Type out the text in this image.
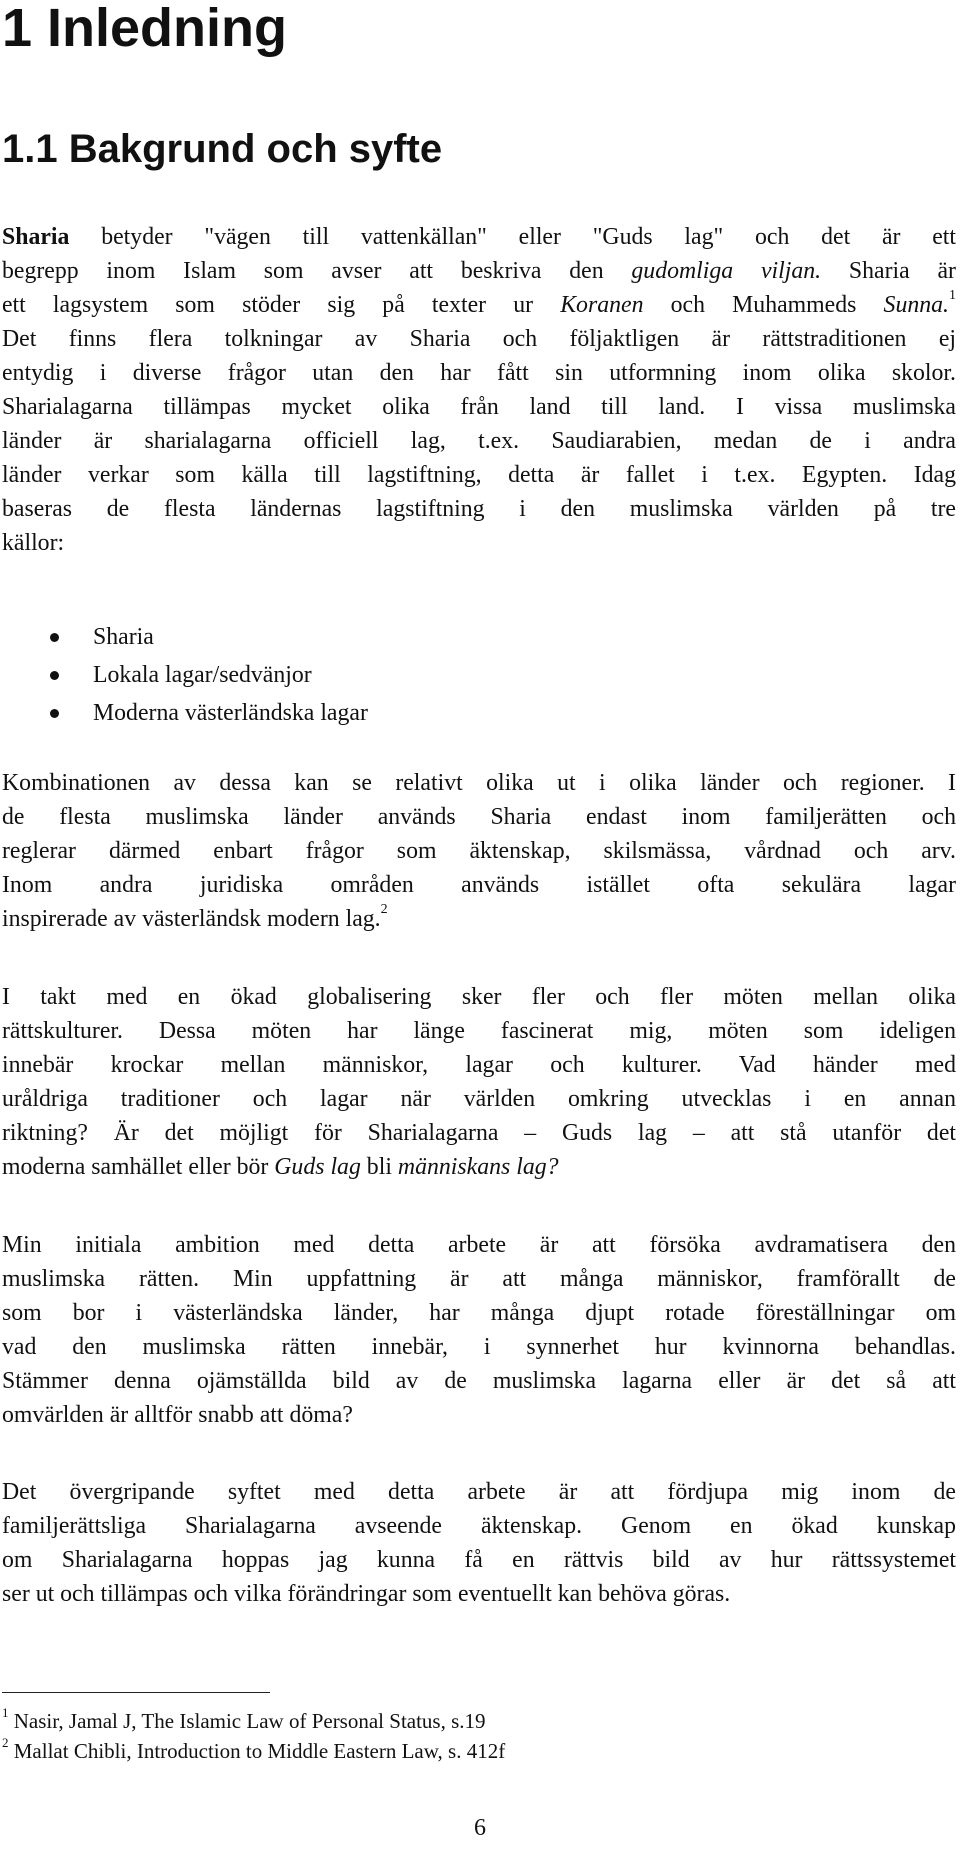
1 Inledning
1.1 Bakgrund och syfte
Sharia betyder "vägen till vattenkällan" eller "Guds lag" och det är ett
begrepp inom Islam som avser att beskriva den gudomliga viljan. Sharia är
ett lagsystem som stöder sig på texter ur Koranen och Muhammeds Sunna.$^1$
Det finns flera tolkningar av Sharia och följaktligen är rättstraditionen ej
entydig i diverse frågor utan den har fått sin utformning inom olika skolor.
Sharialagarna tillämpas mycket olika från land till land. I vissa muslimska
länder är sharialagarna officiell lag, t.ex. Saudiarabien, medan de i andra
länder verkar som källa till lagstiftning, detta är fallet i t.ex. Egypten. Idag
baseras de flesta ländernas lagstiftning i den muslimska världen på tre
källor:
Sharia
Lokala lagar/sedvänjor
Moderna västerländska lagar
Kombinationen av dessa kan se relativt olika ut i olika länder och regioner. I
de flesta muslimska länder används Sharia endast inom familjerätten och
reglerar därmed enbart frågor som äktenskap, skilsmässa, vårdnad och arv.
Inom andra juridiska områden används istället ofta sekulära lagar
inspirerade av västerländsk modern lag.$^2$
I takt med en ökad globalisering sker fler och fler möten mellan olika
rättskulturer. Dessa möten har länge fascinerat mig, möten som ideligen
innebär krockar mellan människor, lagar och kulturer. Vad händer med
uråldriga traditioner och lagar när världen omkring utvecklas i en annan
riktning? Är det möjligt för Sharialagarna – Guds lag – att stå utanför det
moderna samhället eller bör Guds lag bli människans lag?
Min initiala ambition med detta arbete är att försöka avdramatisera den
muslimska rätten. Min uppfattning är att många människor, framförallt de
som bor i västerländska länder, har många djupt rotade föreställningar om
vad den muslimska rätten innebär, i synnerhet hur kvinnorna behandlas.
Stämmer denna ojämställda bild av de muslimska lagarna eller är det så att
omvärlden är alltför snabb att döma?
Det övergripande syftet med detta arbete är att fördjupa mig inom de
familjerättsliga Sharialagarna avseende äktenskap. Genom en ökad kunskap
om Sharialagarna hoppas jag kunna få en rättvis bild av hur rättssystemet
ser ut och tillämpas och vilka förändringar som eventuellt kan behöva göras.
$^1$ Nasir, Jamal J, The Islamic Law of Personal Status, s.19
$^2$ Mallat Chibli, Introduction to Middle Eastern Law, s. 412f
6
